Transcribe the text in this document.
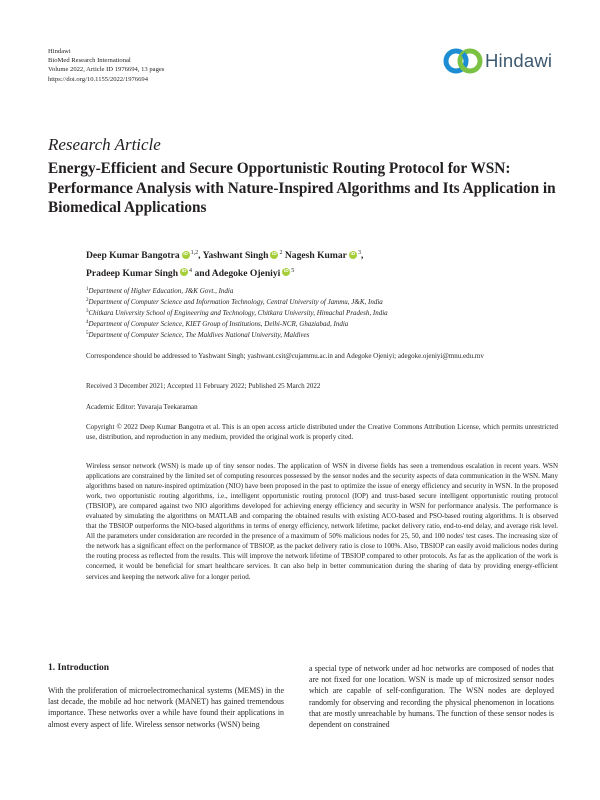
Hindawi
BioMed Research International
Volume 2022, Article ID 1976694, 13 pages
https://doi.org/10.1155/2022/1976694
Hindawi
Research Article
Energy-Efficient and Secure Opportunistic Routing Protocol for WSN: Performance Analysis with Nature-Inspired Algorithms and Its Application in Biomedical Applications
Deep Kumar Bangotra iD $^{1,2}$, Yashwant Singh iD $^2$ Nagesh Kumar iD $^3$,
Pradeep Kumar Singh iD $^4$ and Adegoke Ojeniyi iD $^5$
$^1$Department of Higher Education, J&K Govt., India
$^2$Department of Computer Science and Information Technology, Central University of Jammu, J&K, India
$^3$Chitkara University School of Engineering and Technology, Chitkara University, Himachal Pradesh, India
$^4$Department of Computer Science, KIET Group of Institutions, Delhi-NCR, Ghaziabad, India
$^5$Department of Computer Science, The Maldives National University, Maldives
Correspondence should be addressed to Yashwant Singh; yashwant.csit@cujammu.ac.in and Adegoke Ojeniyi; adegoke.ojeniyi@mnu.edu.mv
Received 3 December 2021; Accepted 11 February 2022; Published 25 March 2022
Academic Editor: Yuvaraja Teekaraman
Copyright © 2022 Deep Kumar Bangotra et al. This is an open access article distributed under the Creative Commons Attribution License, which permits unrestricted use, distribution, and reproduction in any medium, provided the original work is properly cited.
Wireless sensor network (WSN) is made up of tiny sensor nodes. The application of WSN in diverse fields has seen a tremendous escalation in recent years. WSN applications are constrained by the limited set of computing resources possessed by the sensor nodes and the security aspects of data communication in the WSN. Many algorithms based on nature-inspired optimization (NIO) have been proposed in the past to optimize the issue of energy efficiency and security in WSN. In the proposed work, two opportunistic routing algorithms, i.e., intelligent opportunistic routing protocol (IOP) and trust-based secure intelligent opportunistic routing protocol (TBSIOP), are compared against two NIO algorithms developed for achieving energy efficiency and security in WSN for performance analysis. The performance is evaluated by simulating the algorithms on MATLAB and comparing the obtained results with existing ACO-based and PSO-based routing algorithms. It is observed that the TBSIOP outperforms the NIO-based algorithms in terms of energy efficiency, network lifetime, packet delivery ratio, end-to-end delay, and average risk level. All the parameters under consideration are recorded in the presence of a maximum of 50% malicious nodes for 25, 50, and 100 nodes' test cases. The increasing size of the network has a significant effect on the performance of TBSIOP, as the packet delivery ratio is close to 100%. Also, TBSIOP can easily avoid malicious nodes during the routing process as reflected from the results. This will improve the network lifetime of TBSIOP compared to other protocols. As far as the application of the work is concerned, it would be beneficial for smart healthcare services. It can also help in better communication during the sharing of data by providing energy-efficient services and keeping the network alive for a longer period.
1. Introduction
With the proliferation of microelectromechanical systems (MEMS) in the last decade, the mobile ad hoc network (MANET) has gained tremendous importance. These networks over a while have found their applications in almost every aspect of life. Wireless sensor networks (WSN) being
a special type of network under ad hoc networks are composed of nodes that are not fixed for one location. WSN is made up of microsized sensor nodes which are capable of self-configuration. The WSN nodes are deployed randomly for observing and recording the physical phenomenon in locations that are mostly unreachable by humans. The function of these sensor nodes is dependent on constrained
